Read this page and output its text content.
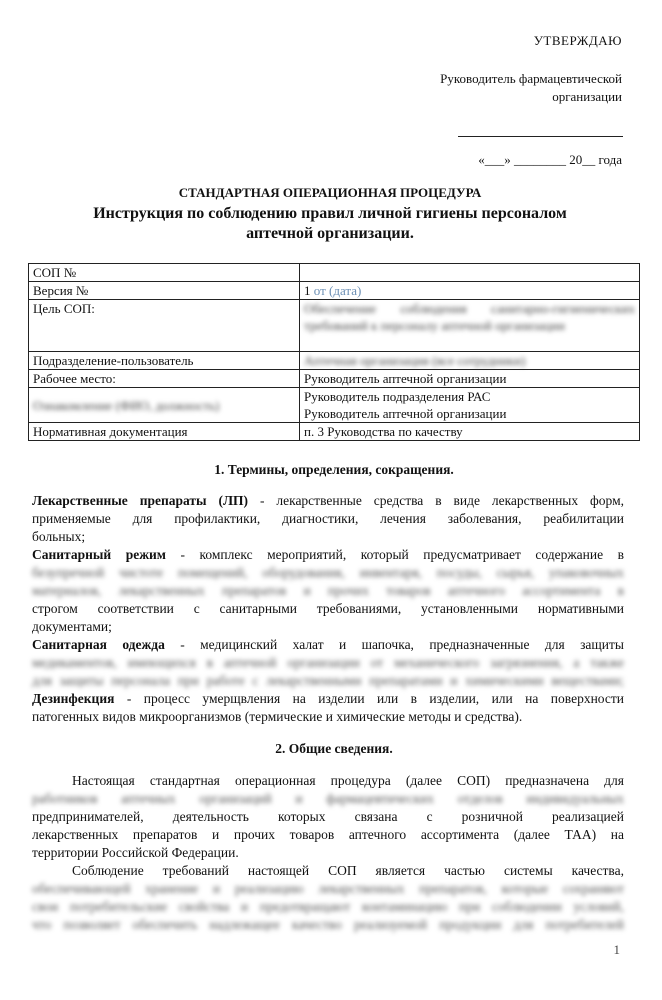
УТВЕРЖДАЮ
Руководитель фармацевтической
организации
«___» ________ 20__ года
СТАНДАРТНАЯ ОПЕРАЦИОННАЯ ПРОЦЕДУРА
Инструкция по соблюдению правил личной гигиены персоналом
аптечной организации.
СОП №	
Версия №	1 от (дата)
Цель СОП:	Обеспечение соблюдения санитарно-гигиенических требований к персоналу аптечной организации
Подразделение-пользователь	Аптечная организация (все сотрудники)
Рабочее место:	Руководитель аптечной организации
Ознакомление (ФИО, должность)	Руководитель подразделения РАС
Руководитель аптечной организации

Нормативная документация	п. 3 Руководства по качеству
1. Термины, определения, сокращения.
Лекарственные препараты (ЛП) - лекарственные средства в виде лекарственных форм,
применяемые для профилактики, диагностики, лечения заболевания, реабилитации
больных;
Санитарный режим - комплекс мероприятий, который предусматривает содержание в
безупречной чистоте помещений, оборудования, инвентаря, посуды, сырья, упаковочных
материалов, лекарственных препаратов и прочих товаров аптечного ассортимента в
строгом соответствии с санитарными требованиями, установленными нормативными
документами;
Санитарная одежда - медицинский халат и шапочка, предназначенные для защиты
медикаментов, имеющихся в аптечной организации от механического загрязнения, а также
для защиты персонала при работе с лекарственными препаратами и химическими веществами;
Дезинфекция - процесс умерщвления на изделии или в изделии, или на поверхности
патогенных видов микроорганизмов (термические и химические методы и средства).
2. Общие сведения.
Настоящая стандартная операционная процедура (далее СОП) предназначена для
работников аптечных организаций и фармацевтических отделов индивидуальных
предпринимателей, деятельность которых связана с розничной реализацией
лекарственных препаратов и прочих товаров аптечного ассортимента (далее ТАА) на
территории Российской Федерации.
Соблюдение требований настоящей СОП является частью системы качества,
обеспечивающей хранение и реализацию лекарственных препаратов, которые сохраняют
свои потребительские свойства и предотвращают контаминацию при соблюдении условий,
что позволяет обеспечить надлежащее качество реализуемой продукции для потребителей
1
